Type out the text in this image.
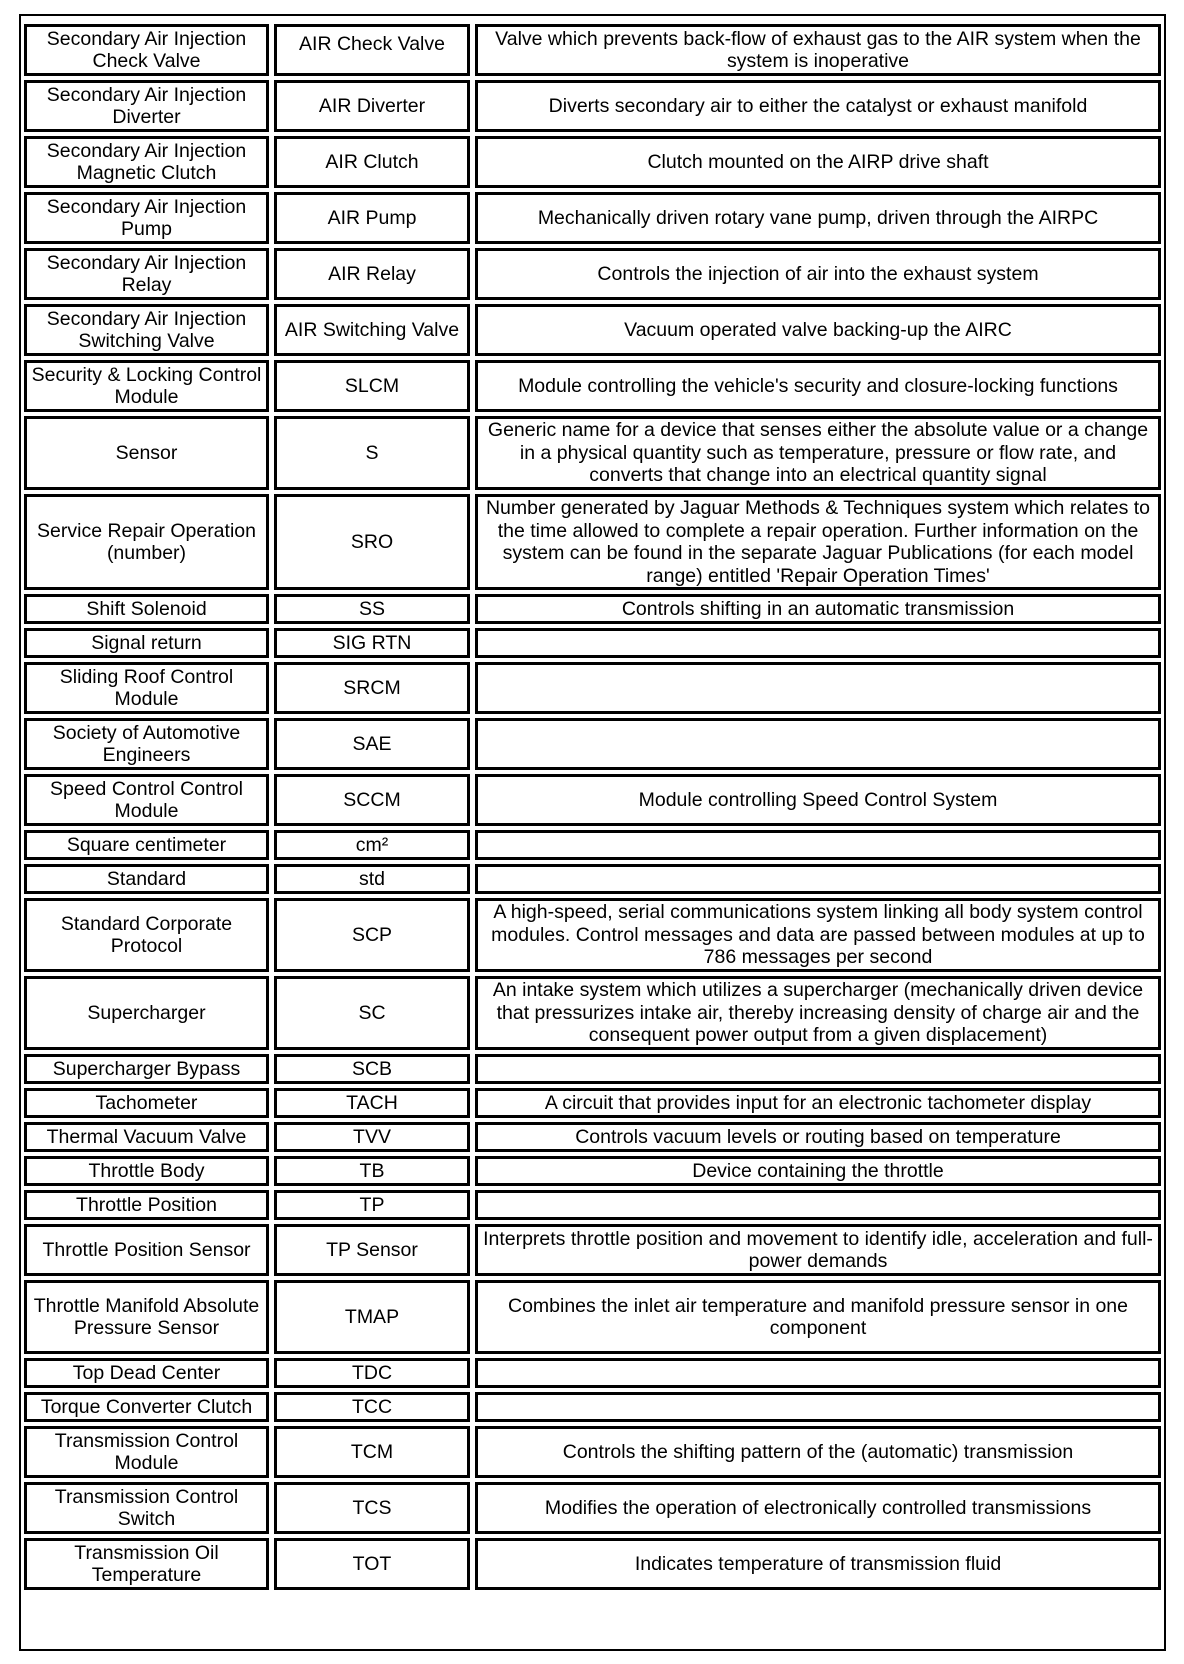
Secondary Air Injection Check Valve		AIR Check Valve		Valve which prevents back-flow of exhaust gas to the AIR system when the system is inoperative
Secondary Air Injection Diverter		AIR Diverter		Diverts secondary air to either the catalyst or exhaust manifold
Secondary Air Injection Magnetic Clutch		AIR Clutch		Clutch mounted on the AIRP drive shaft
Secondary Air Injection Pump		AIR Pump		Mechanically driven rotary vane pump, driven through the AIRPC
Secondary Air Injection Relay		AIR Relay		Controls the injection of air into the exhaust system
Secondary Air Injection Switching Valve		AIR Switching Valve		Vacuum operated valve backing-up the AIRC
Security & Locking Control Module		SLCM		Module controlling the vehicle's security and closure-locking functions
Sensor		S		Generic name for a device that senses either the absolute value or a change in a physical quantity such as temperature, pressure or flow rate, and converts that change into an electrical quantity signal
Service Repair Operation (number)		SRO		Number generated by Jaguar Methods & Techniques system which relates to the time allowed to complete a repair operation. Further information on the system can be found in the separate Jaguar Publications (for each model range) entitled 'Repair Operation Times'
Shift Solenoid		SS		Controls shifting in an automatic transmission
Signal return		SIG RTN		
Sliding Roof Control Module		SRCM		
Society of Automotive Engineers		SAE		
Speed Control Control Module		SCCM		Module controlling Speed Control System
Square centimeter		cm²		
Standard		std		
Standard Corporate Protocol		SCP		A high-speed, serial communications system linking all body system control modules. Control messages and data are passed between modules at up to 786 messages per second
Supercharger		SC		An intake system which utilizes a supercharger (mechanically driven device that pressurizes intake air, thereby increasing density of charge air and the consequent power output from a given displacement)
Supercharger Bypass		SCB		
Tachometer		TACH		A circuit that provides input for an electronic tachometer display
Thermal Vacuum Valve		TVV		Controls vacuum levels or routing based on temperature
Throttle Body		TB		Device containing the throttle
Throttle Position		TP		
Throttle Position Sensor		TP Sensor		Interprets throttle position and movement to identify idle, acceleration and full-power demands
Throttle Manifold Absolute Pressure Sensor		TMAP		Combines the inlet air temperature and manifold pressure sensor in one component
Top Dead Center		TDC		
Torque Converter Clutch		TCC		
Transmission Control Module		TCM		Controls the shifting pattern of the (automatic) transmission
Transmission Control Switch		TCS		Modifies the operation of electronically controlled transmissions
Transmission Oil Temperature		TOT		Indicates temperature of transmission fluid
